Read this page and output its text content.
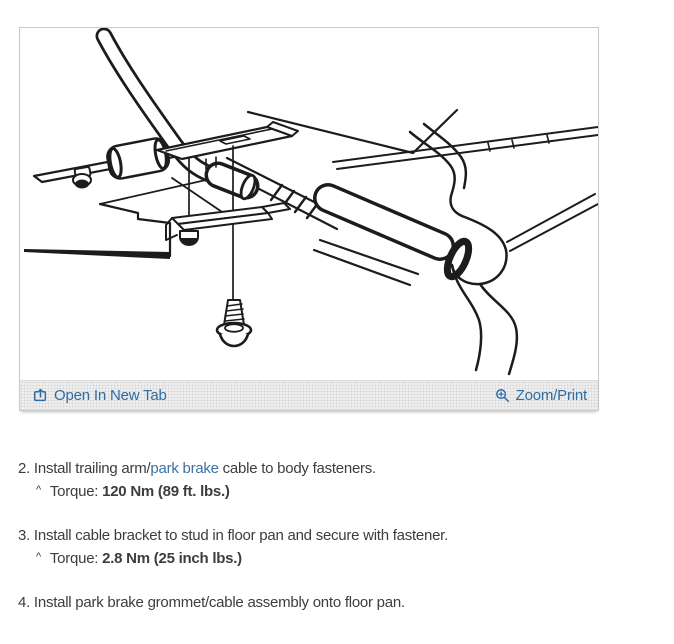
Open In New Tab	Zoom/Print
2. Install trailing arm/park brake cable to body fasteners.
^ Torque: 120 Nm (89 ft. lbs.)
3. Install cable bracket to stud in floor pan and secure with fastener.
^ Torque: 2.8 Nm (25 inch lbs.)
4. Install park brake grommet/cable assembly onto floor pan.
